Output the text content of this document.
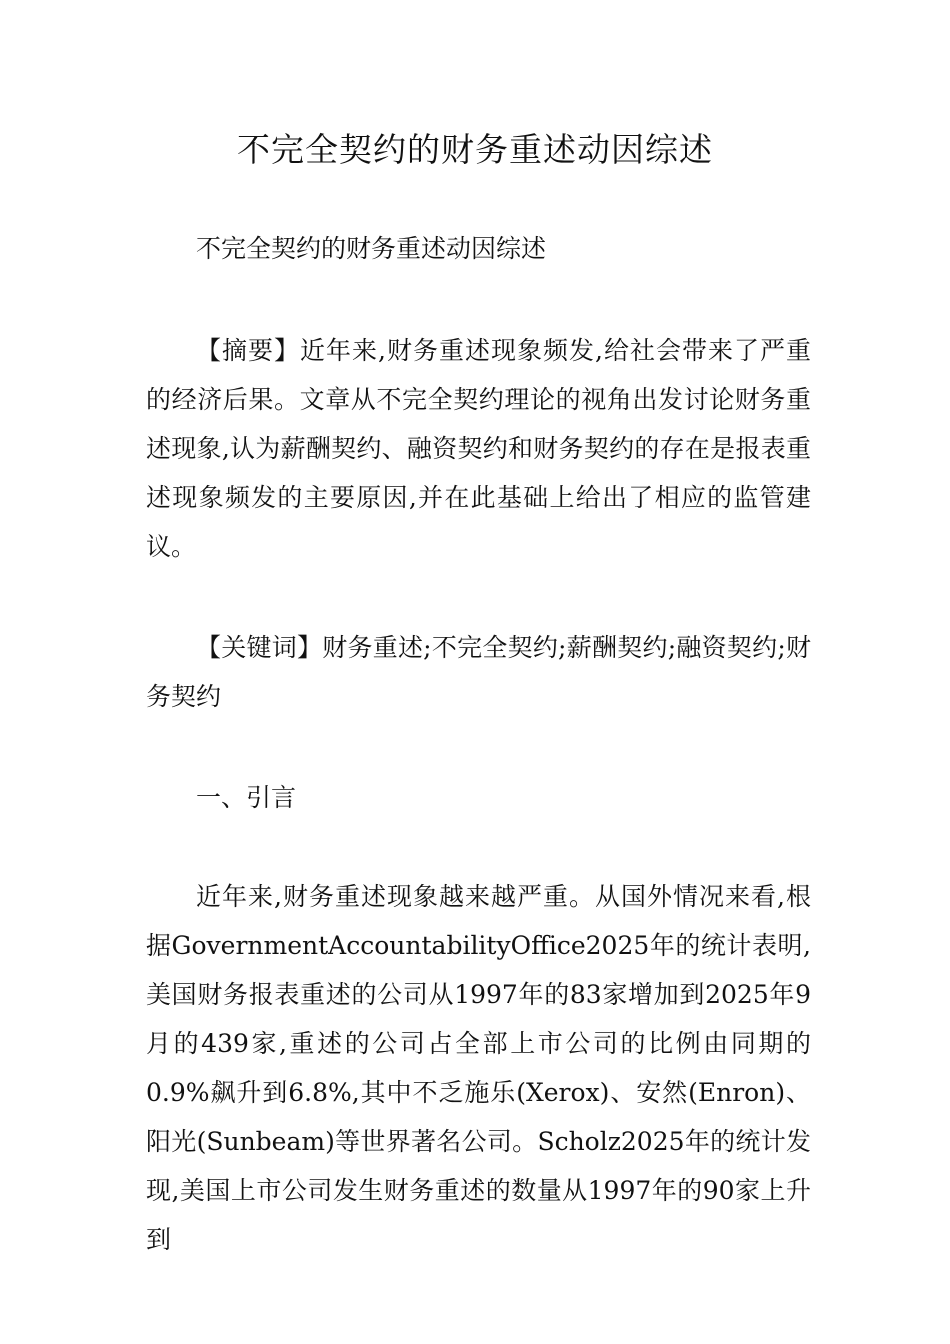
不完全契约的财务重述动因综述

不完全契约的财务重述动因综述

【摘要】近年来,财务重述现象频发,给社会带来了严重的经济后果。文章从不完全契约理论的视角出发讨论财务重述现象,认为薪酬契约、融资契约和财务契约的存在是报表重述现象频发的主要原因,并在此基础上给出了相应的监管建议。

【关键词】财务重述;不完全契约;薪酬契约;融资契约;财务契约

一、引言

近年来,财务重述现象越来越严重。从国外情况来看,根据GovernmentAccountabilityOffice2025年的统计表明,美国财务报表重述的公司从1997年的83家增加到2025年9月的439家,重述的公司占全部上市公司的比例由同期的0.9%飙升到6.8%,其中不乏施乐(Xerox)、安然(Enron)、阳光(Sunbeam)等世界著名公司。Scholz2025年的统计发现,美国上市公司发生财务重述的数量从1997年的90家上升到
